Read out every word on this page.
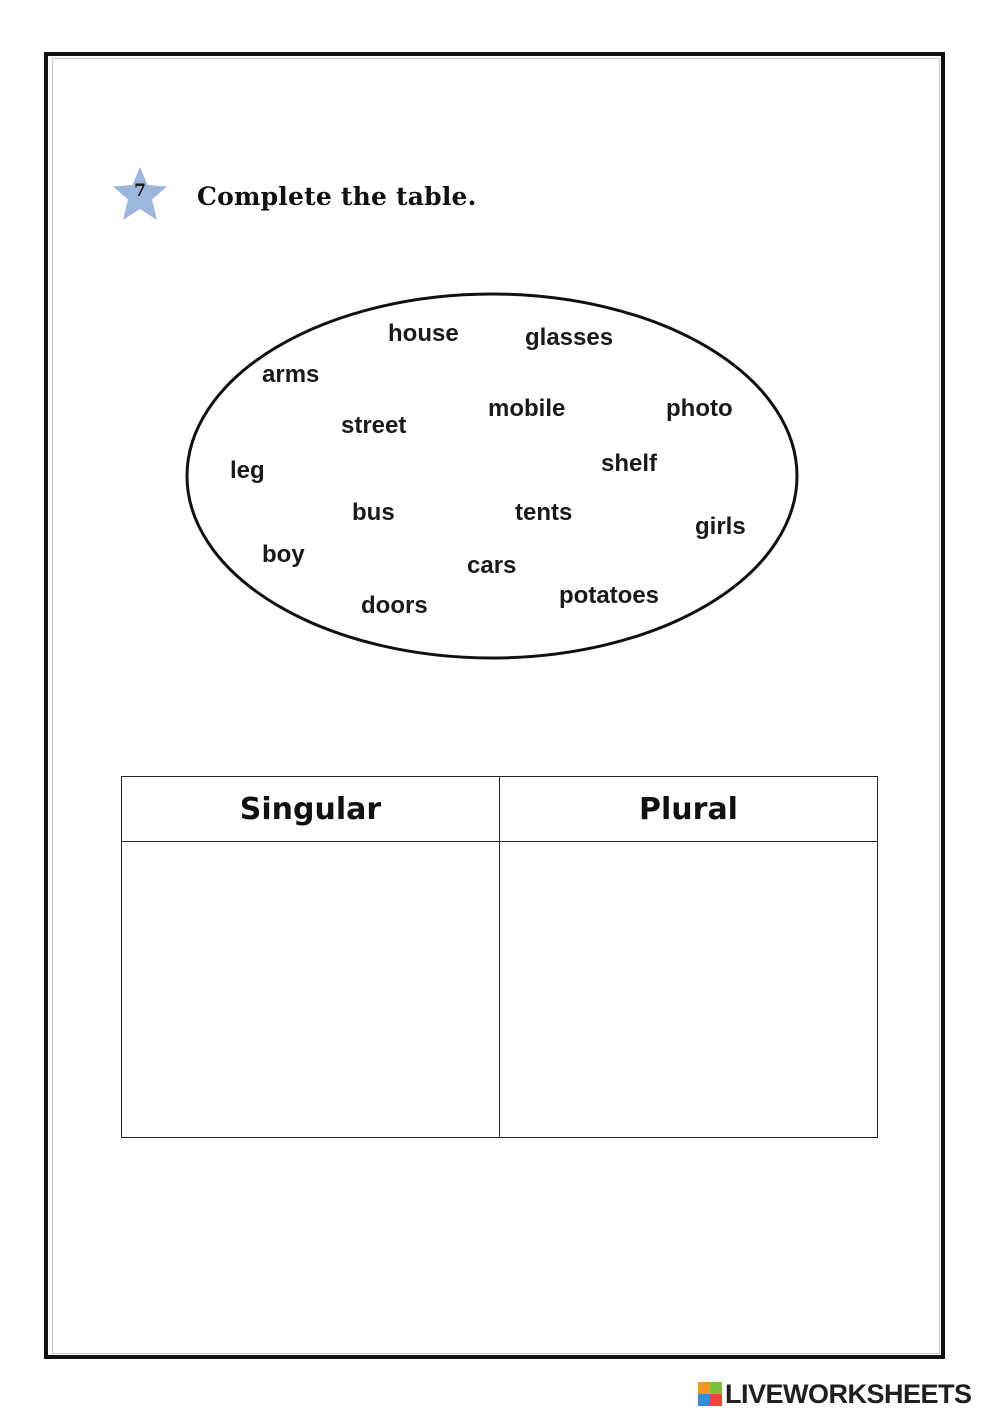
7	Complete the table.
house	glasses
arms
mobile	photo
street
leg	shelf
bus	tents
girls
boy	cars
doors	potatoes
Singular	Plural

LIVEWORKSHEETS
